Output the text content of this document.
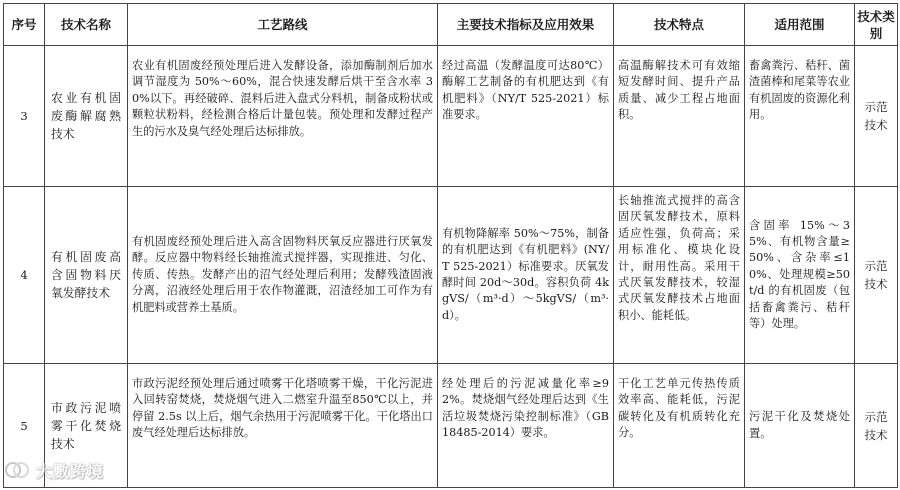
序号	技术名称	工艺路线	主要技术指标及应用效果	技术特点	适用范围	技术类别

3	农业有机固废酶解腐熟技术	农业有机固废经预处理后进入发酵设备，添加酶制剂后加水调节湿度为 50%～60%，混合快速发酵后烘干至含水率 30%以下。再经破碎、混料后进入盘式分料机，制备成粉状或颗粒状粉料，经检测合格后计量包装。预处理和发酵过程产生的污水及臭气经处理后达标排放。	经过高温（发酵温度可达80℃）酶解工艺制备的有机肥达到《有机肥料》（NY/T 525-2021）标准要求。	高温酶解技术可有效缩短发酵时间、提升产品质量、减少工程占地面积。	畜禽粪污、秸秆、菌渣菌棒和尾菜等农业有机固废的资源化利用。	示范技术

4	有机固废高含固物料厌氧发酵技术	有机固废经预处理后进入高含固物料厌氧反应器进行厌氧发酵。反应器中物料经长轴推流式搅拌器，实现推进、匀化、传质、传热。发酵产出的沼气经处理后利用；发酵残渣固液分离，沼液经处理后用于农作物灌溉，沼渣经加工可作为有机肥料或营养土基质。	有机物降解率 50%～75%，制备的有机肥达到《有机肥料》(NY/T 525-2021）标准要求。厌氧发酵时间 20d～30d。容积负荷 4kgVS/（m³·d）～5kgVS/（m³·d）。	长轴推流式搅拌的高含固厌氧发酵技术，原料适应性强，负荷高；采用标准化、模块化设计，耐用性高。采用干式厌氧发酵技术，较湿式厌氧发酵技术占地面积小、能耗低。	含固率 15%～35%、有机物含量≥50%、含杂率≤10%、处理规模≥50t/d 的有机固废（包括畜禽粪污、秸秆等）处理。	示范技术

5	市政污泥喷雾干化焚烧技术	市政污泥经预处理后通过喷雾干化塔喷雾干燥，干化污泥进入回转窑焚烧，焚烧烟气进入二燃室升温至850℃以上，并停留 2.5s 以上后，烟气余热用于污泥喷雾干化。干化塔出口废气经处理后达标排放。	经处理后的污泥减量化率≥92%。焚烧烟气经处理后达到《生活垃圾焚烧污染控制标准》（GB 18485-2014）要求。	干化工艺单元传热传质效率高、能耗低，污泥碳转化及有机质转化充分。	污泥干化及焚烧处置。	示范技术
大數跨境
